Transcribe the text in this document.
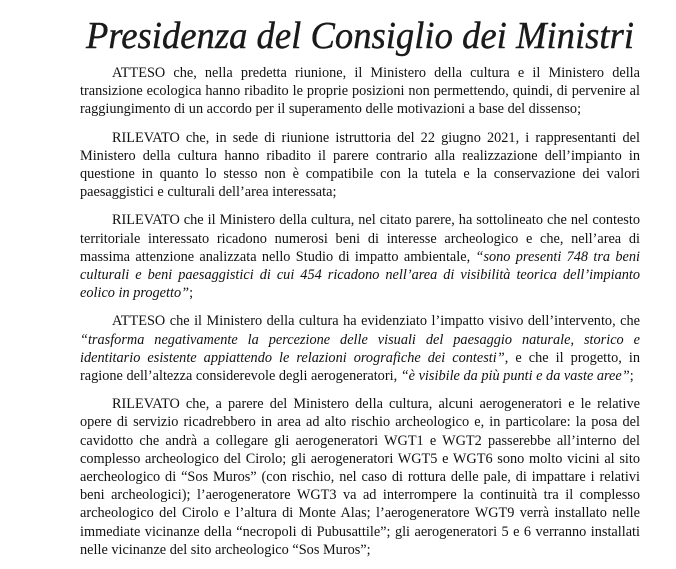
Presidenza del Consiglio dei Ministri

ATTESO che, nella predetta riunione, il Ministero della cultura e il Ministero della transizione ecologica hanno ribadito le proprie posizioni non permettendo, quindi, di pervenire al raggiungimento di un accordo per il superamento delle motivazioni a base del dissenso;

RILEVATO che, in sede di riunione istruttoria del 22 giugno 2021, i rappresentanti del Ministero della cultura hanno ribadito il parere contrario alla realizzazione dell’impianto in questione in quanto lo stesso non è compatibile con la tutela e la conservazione dei valori paesaggistici e culturali dell’area interessata;

RILEVATO che il Ministero della cultura, nel citato parere, ha sottolineato che nel contesto territoriale interessato ricadono numerosi beni di interesse archeologico e che, nell’area di massima attenzione analizzata nello Studio di impatto ambientale, “sono presenti 748 tra beni culturali e beni paesaggistici di cui 454 ricadono nell’area di visibilità teorica dell’impianto eolico in progetto”;

ATTESO che il Ministero della cultura ha evidenziato l’impatto visivo dell’intervento, che “trasforma negativamente la percezione delle visuali del paesaggio naturale, storico e identitario esistente appiattendo le relazioni orografiche dei contesti”, e che il progetto, in ragione dell’altezza considerevole degli aerogeneratori, “è visibile da più punti e da vaste aree”;

RILEVATO che, a parere del Ministero della cultura, alcuni aerogeneratori e le relative opere di servizio ricadrebbero in area ad alto rischio archeologico e, in particolare: la posa del cavidotto che andrà a collegare gli aerogeneratori WGT1 e WGT2 passerebbe all’interno del complesso archeologico del Cirolo; gli aerogeneratori WGT5 e WGT6 sono molto vicini al sito aercheologico di “Sos Muros” (con rischio, nel caso di rottura delle pale, di impattare i relativi beni archeologici); l’aerogeneratore WGT3 va ad interrompere la continuità tra il complesso archeologico del Cirolo e l’altura di Monte Alas; l’aerogeneratore WGT9 verrà installato nelle immediate vicinanze della “necropoli di Pubusattile”; gli aerogeneratori 5 e 6 verranno installati nelle vicinanze del sito archeologico “Sos Muros”;
